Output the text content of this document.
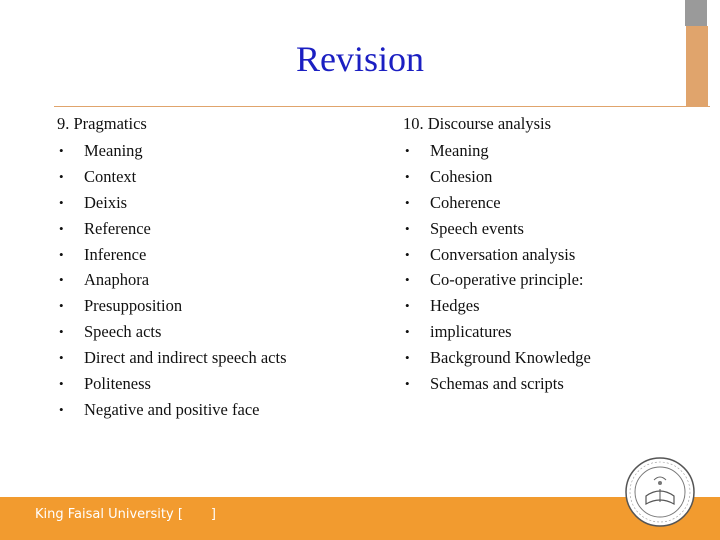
Revision
9. Pragmatics
•	Meaning
•	Context
•	Deixis
•	Reference
•	Inference
•	Anaphora
•	Presupposition
•	Speech acts
•	Direct and indirect speech acts
•	Politeness
•	Negative and positive face
10. Discourse analysis
•	Meaning
•	Cohesion
•	Coherence
•	Speech events
•	Conversation analysis
•	Co-operative principle:
•	Hedges
•	implicatures
•	Background Knowledge
•	Schemas and scripts
King Faisal University [ ]
